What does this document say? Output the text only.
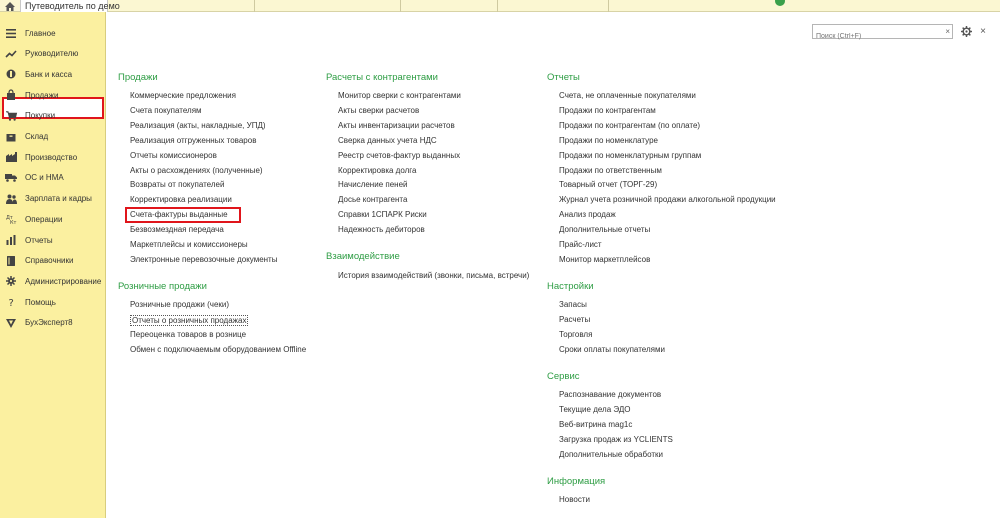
Путеводитель по демо
Главное
Руководителю
Банк и касса
Продажи
Покупки
Склад
Производство
ОС и НМА
Зарплата и кадры
Дт
Кт Операции
Отчеты
Справочники
Администрирование
? Помощь
БухЭксперт8
Поиск (Ctrl+F)
×	×
Продажи
Коммерческие предложения
Счета покупателям
Реализация (акты, накладные, УПД)
Реализация отгруженных товаров
Отчеты комиссионеров
Акты о расхождениях (полученные)
Возвраты от покупателей
Корректировка реализации
Счета-фактуры выданные
Безвозмездная передача
Маркетплейсы и комиссионеры
Электронные перевозочные документы
Розничные продажи
Розничные продажи (чеки)
Отчеты о розничных продажах
Переоценка товаров в рознице
Обмен с подключаемым оборудованием Offline
Расчеты с контрагентами
Монитор сверки с контрагентами
Акты сверки расчетов
Акты инвентаризации расчетов
Сверка данных учета НДС
Реестр счетов-фактур выданных
Корректировка долга
Начисление пеней
Досье контрагента
Справки 1СПАРК Риски
Надежность дебиторов
Взаимодействие
История взаимодействий (звонки, письма, встречи)
Отчеты
Счета, не оплаченные покупателями
Продажи по контрагентам
Продажи по контрагентам (по оплате)
Продажи по номенклатуре
Продажи по номенклатурным группам
Продажи по ответственным
Товарный отчет (ТОРГ-29)
Журнал учета розничной продажи алкогольной продукции
Анализ продаж
Дополнительные отчеты
Прайс-лист
Монитор маркетплейсов
Настройки
Запасы
Расчеты
Торговля
Сроки оплаты покупателями
Сервис
Распознавание документов
Текущие дела ЭДО
Веб-витрина mag1c
Загрузка продаж из YCLIENTS
Дополнительные обработки
Информация
Новости
